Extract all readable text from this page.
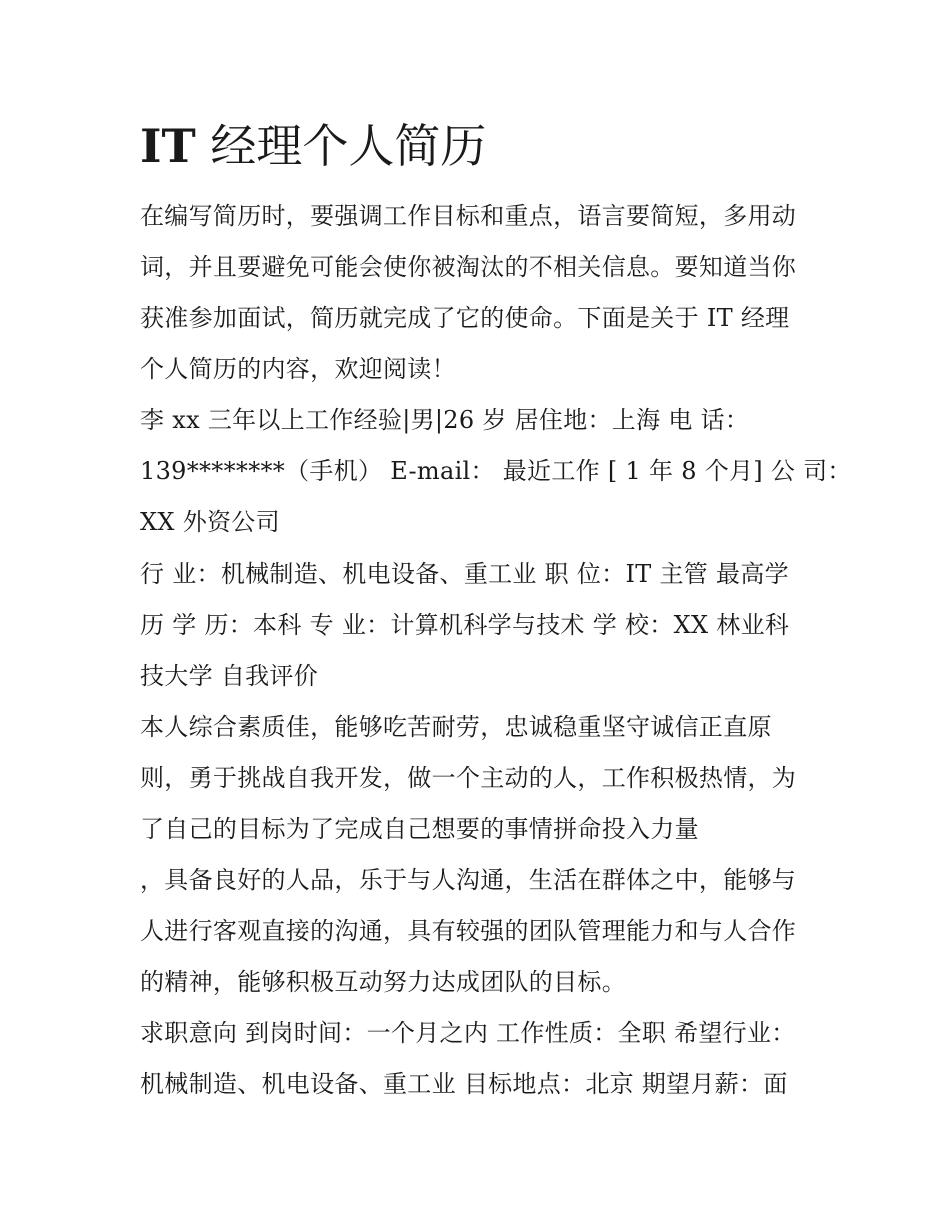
IT 经理个人简历

在编写简历时，要强调工作目标和重点，语言要简短，多用动

词，并且要避免可能会使你被淘汰的不相关信息。要知道当你

获准参加面试，简历就完成了它的使命。下面是关于 IT 经理

个人简历的内容，欢迎阅读！

李 xx 三年以上工作经验|男|26 岁 居住地：上海 电 话：

139********（手机） E-mail： 最近工作 [ 1 年 8 个月] 公 司：

XX 外资公司

行 业：机械制造、机电设备、重工业 职 位：IT 主管 最高学

历 学 历：本科 专 业：计算机科学与技术 学 校：XX 林业科

技大学 自我评价

本人综合素质佳，能够吃苦耐劳，忠诚稳重坚守诚信正直原

则，勇于挑战自我开发，做一个主动的人，工作积极热情，为

了自己的目标为了完成自己想要的事情拼命投入力量

，具备良好的人品，乐于与人沟通，生活在群体之中，能够与

人进行客观直接的沟通，具有较强的团队管理能力和与人合作

的精神，能够积极互动努力达成团队的目标。

求职意向 到岗时间：一个月之内 工作性质：全职 希望行业：

机械制造、机电设备、重工业 目标地点：北京 期望月薪：面
